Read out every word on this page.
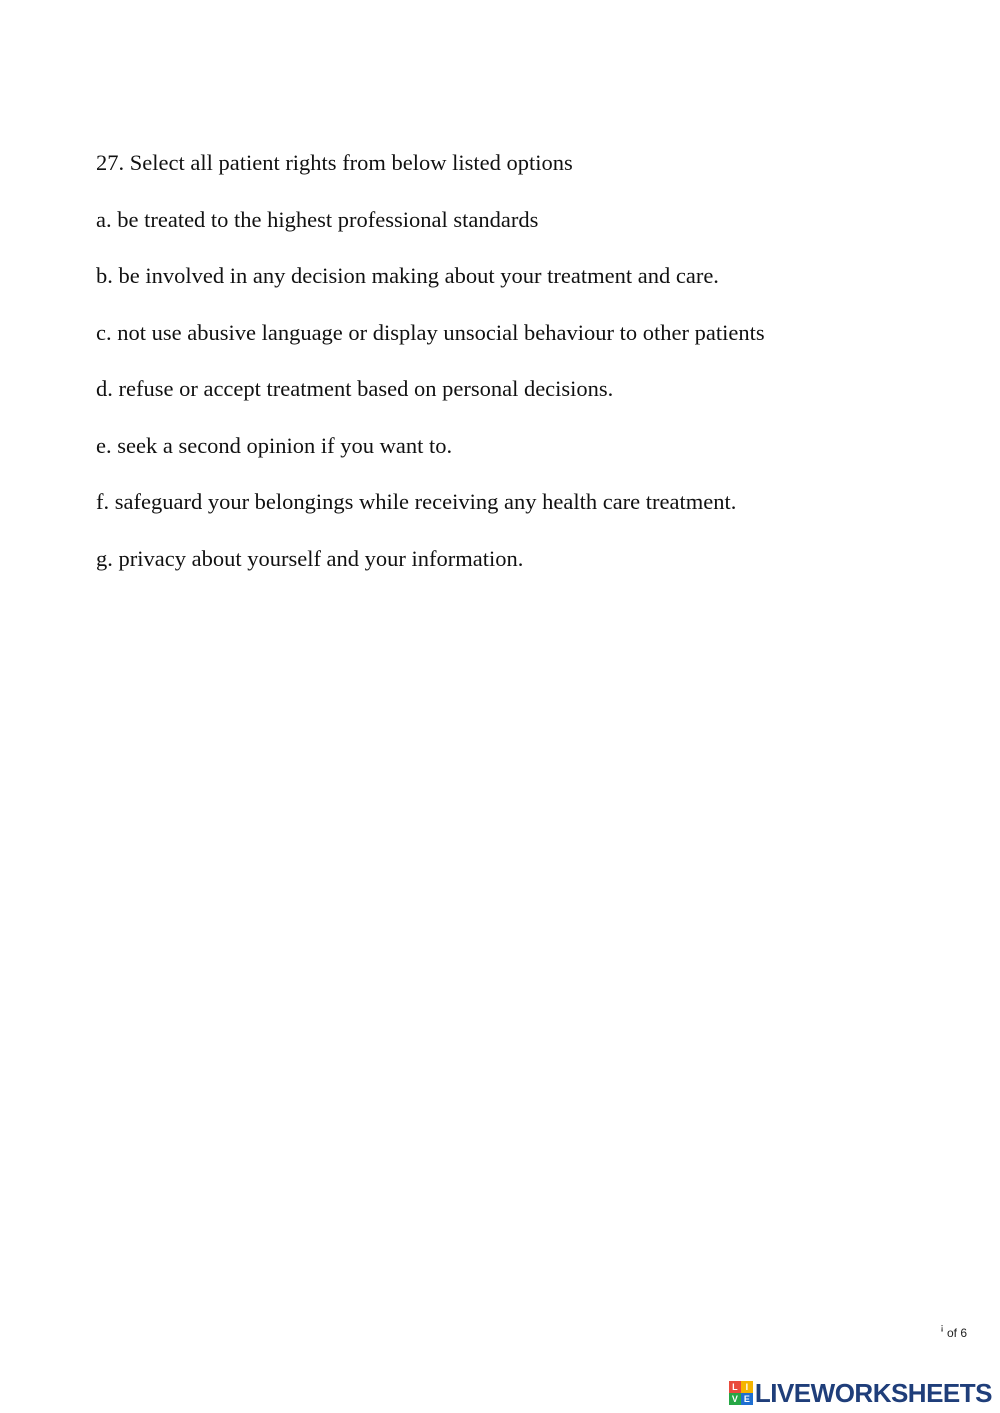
27. Select all patient rights from below listed options
a. be treated to the highest professional standards
b. be involved in any decision making about your treatment and care.
c. not use abusive language or display unsocial behaviour to other patients
d. refuse or accept treatment based on personal decisions.
e. seek a second opinion if you want to.
f. safeguard your belongings while receiving any health care treatment.
g. privacy about yourself and your information.
ꜞ of 6
L I
V E LIVEWORKSHEETS
